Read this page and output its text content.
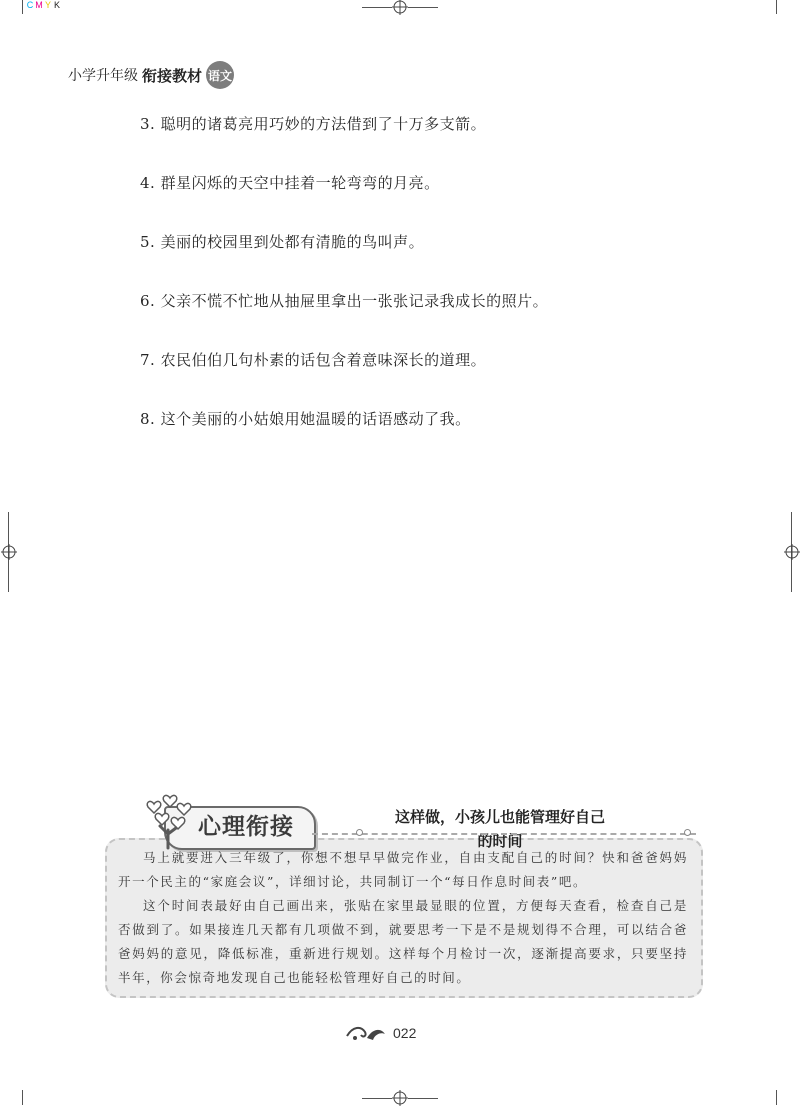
CMY K
小学升年级 衔接教材 语文
3. 聪明的诸葛亮用巧妙的方法借到了十万多支箭。
4. 群星闪烁的天空中挂着一轮弯弯的月亮。
5. 美丽的校园里到处都有清脆的鸟叫声。
6. 父亲不慌不忙地从抽屉里拿出一张张记录我成长的照片。
7. 农民伯伯几句朴素的话包含着意味深长的道理。
8. 这个美丽的小姑娘用她温暖的话语感动了我。
心理衔接	这样做，小孩儿也能管理好自己
的时间

马上就要进入三年级了，你想不想早早做完作业，自由支配自己的时间？快和爸爸妈妈开一个民主的“家庭会议”，详细讨论，共同制订一个“每日作息时间表”吧。

这个时间表最好由自己画出来，张贴在家里最显眼的位置，方便每天查看，检查自己是否做到了。如果接连几天都有几项做不到，就要思考一下是不是规划得不合理，可以结合爸爸妈妈的意见，降低标准，重新进行规划。这样每个月检讨一次，逐渐提高要求，只要坚持半年，你会惊奇地发现自己也能轻松管理好自己的时间。

022
